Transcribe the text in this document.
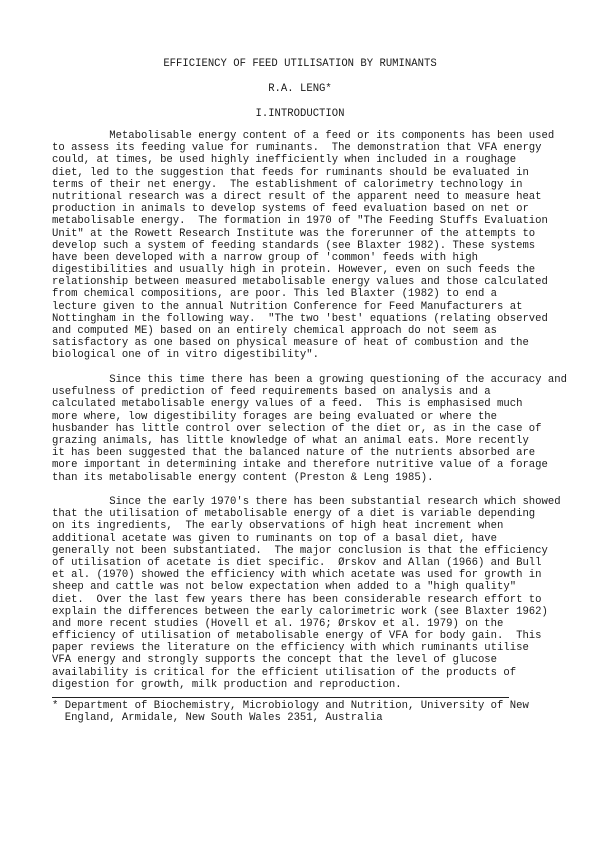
EFFICIENCY OF FEED UTILISATION BY RUMINANTS
R.A. LENG*
I.INTRODUCTION
Metabolisable energy content of a feed or its components has been used
to assess its feeding value for ruminants.  The demonstration that VFA energy
could, at times, be used highly inefficiently when included in a roughage
diet, led to the suggestion that feeds for ruminants should be evaluated in
terms of their net energy.  The establishment of calorimetry technology in
nutritional research was a direct result of the apparent need to measure heat
production in animals to develop systems of feed evaluation based on net or
metabolisable energy.  The formation in 1970 of "The Feeding Stuffs Evaluation
Unit" at the Rowett Research Institute was the forerunner of the attempts to
develop such a system of feeding standards (see Blaxter 1982). These systems
have been developed with a narrow group of 'common' feeds with high
digestibilities and usually high in protein. However, even on such feeds the
relationship between measured metabolisable energy values and those calculated
from chemical compositions, are poor. This led Blaxter (1982) to end a
lecture given to the annual Nutrition Conference for Feed Manufacturers at
Nottingham in the following way.  "The two 'best' equations (relating observed
and computed ME) based on an entirely chemical approach do not seem as
satisfactory as one based on physical measure of heat of combustion and the
biological one of in vitro digestibility".
Since this time there has been a growing questioning of the accuracy and
usefulness of prediction of feed requirements based on analysis and a
calculated metabolisable energy values of a feed.  This is emphasised much
more where, low digestibility forages are being evaluated or where the
husbander has little control over selection of the diet or, as in the case of
grazing animals, has little knowledge of what an animal eats. More recently
it has been suggested that the balanced nature of the nutrients absorbed are
more important in determining intake and therefore nutritive value of a forage
than its metabolisable energy content (Preston & Leng 1985).
Since the early 1970's there has been substantial research which showed
that the utilisation of metabolisable energy of a diet is variable depending
on its ingredients,  The early observations of high heat increment when
additional acetate was given to ruminants on top of a basal diet, have
generally not been substantiated.  The major conclusion is that the efficiency
of utilisation of acetate is diet specific.  Ørskov and Allan (1966) and Bull
et al. (1970) showed the efficiency with which acetate was used for growth in
sheep and cattle was not below expectation when added to a "high quality"
diet.  Over the last few years there has been considerable research effort to
explain the differences between the early calorimetric work (see Blaxter 1962)
and more recent studies (Hovell et al. 1976; Ørskov et al. 1979) on the
efficiency of utilisation of metabolisable energy of VFA for body gain.  This
paper reviews the literature on the efficiency with which ruminants utilise
VFA energy and strongly supports the concept that the level of glucose
availability is critical for the efficient utilisation of the products of
digestion for growth, milk production and reproduction.
* Department of Biochemistry, Microbiology and Nutrition, University of New
England, Armidale, New South Wales 2351, Australia
